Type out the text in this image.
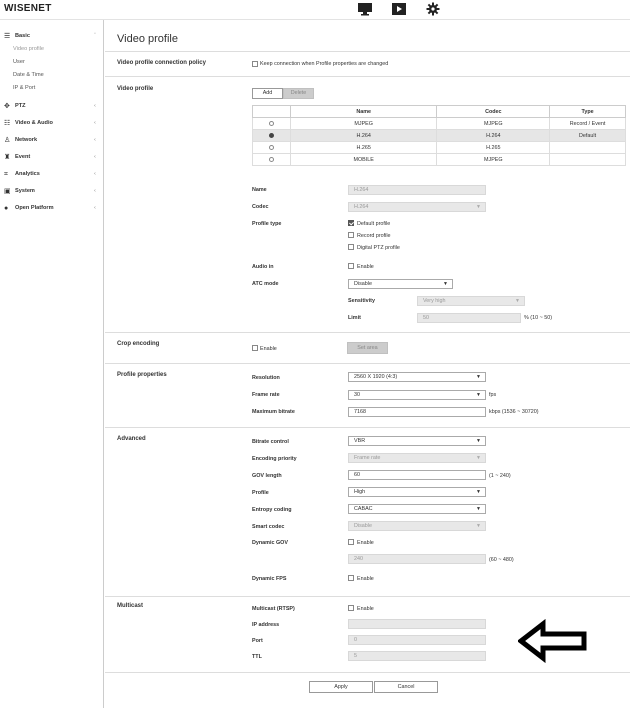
WISENET
☰ Basic	ˇ
Video profile
User
Date & Time
IP & Port
✥ PTZ	‹
☷ Video & Audio	‹
♙ Network	‹
♜ Event	‹
⌗	Analytics	‹
▣ System	‹
●	Open Platform	‹
Video profile
Video profile connection policy	Keep connection when Profile properties are changed
Video profile
Add	Delete
	Name	Codec	Type
	MJPEG	MJPEG	Record / Event
	H.264	H.264	Default
	H.265	H.265	
	MOBILE	MJPEG	
Name	H.264
Codec	H.264	▼
Profile type	Default profile
Record profile
Digital PTZ profile
Audio in	Enable
ATC mode	Disable	▼
Sensitivity	Very high	▼
Limit	50	% (10 ~ 50)
Crop encoding
Enable	Set area
Profile properties	Resolution	2560 X 1920 (4:3)	▼
Frame rate	30	▼ fps
Maximum bitrate	7168	kbps (1536 ~ 30720)
Advanced	Bitrate control	VBR	▼
Encoding priority	Frame rate	▼
GOV length	60	(1 ~ 240)
Profile	High	▼
Entropy coding	CABAC	▼
Smart codec	Disable	▼
Dynamic GOV	Enable
240	(60 ~ 480)
Dynamic FPS	Enable
Multicast	Multicast (RTSP)	Enable
IP address
Port	0
TTL	5
Apply	Cancel
